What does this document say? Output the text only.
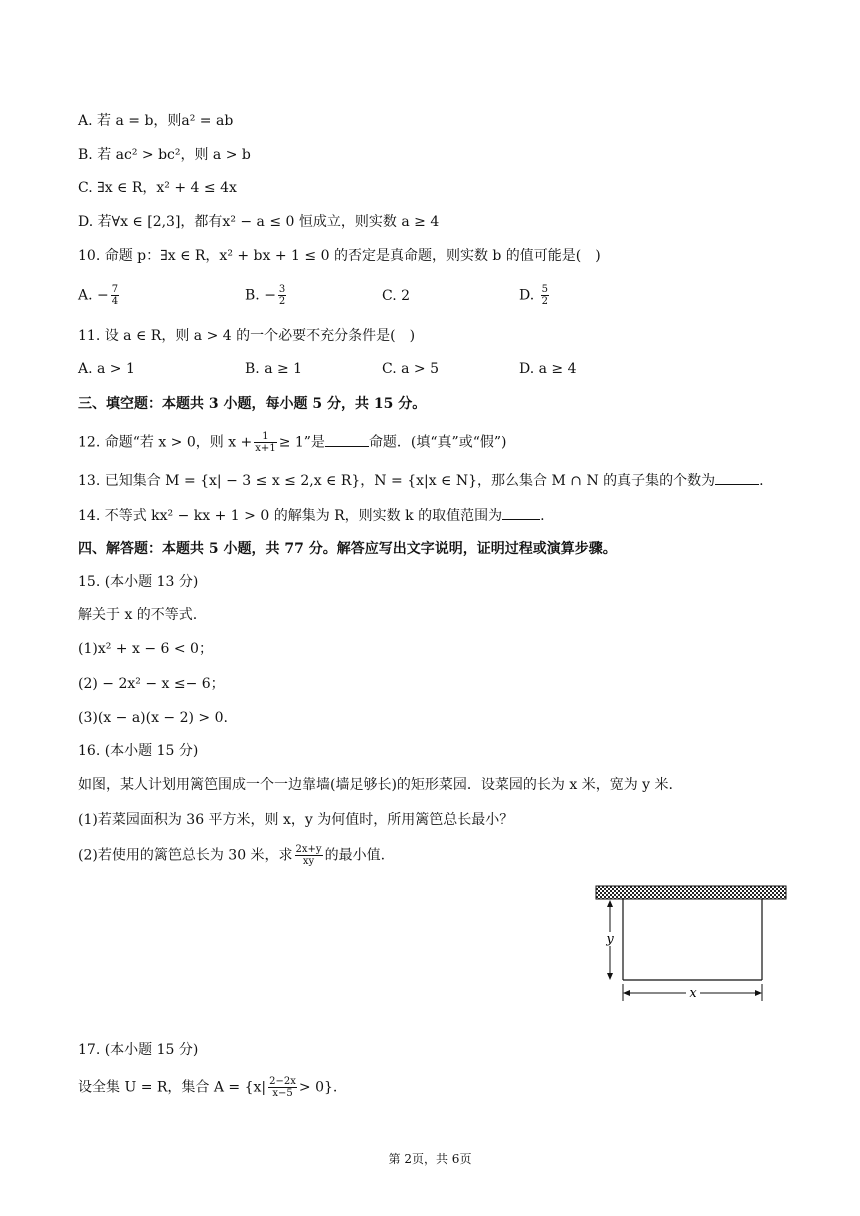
A. 若 a = b，则a² = ab
B. 若 ac² > bc²，则 a > b
C. ∃x ∈ R，x² + 4 ≤ 4x
D. 若∀x ∈ [2,3]，都有x² − a ≤ 0 恒成立，则实数 a ≥ 4
10. 命题 p：∃x ∈ R，x² + bx + 1 ≤ 0 的否定是真命题，则实数 b 的值可能是(　)
A. − $\frac{7}{4}$	B. − $\frac{3}{2}$	C. 2	D. $\frac{5}{2}$
11. 设 a ∈ R，则 a > 4 的一个必要不充分条件是(　)
A. a > 1	B. a ≥ 1	C. a > 5	D. a ≥ 4
三、填空题：本题共 3 小题，每小题 5 分，共 15 分。
12. 命题“若 x > 0，则 $x + \frac{1}{x+1} \ge 1$”是	命题．(填“真”或“假”)
13. 已知集合 M = {x| − 3 ≤ x ≤ 2,x ∈ R}，N = {x|x ∈ N}，那么集合 M ∩ N 的真子集的个数为	.
14. 不等式 kx² − kx + 1 > 0 的解集为 R，则实数 k 的取值范围为	.
四、解答题：本题共 5 小题，共 77 分。解答应写出文字说明，证明过程或演算步骤。
15. (本小题 13 分)
解关于 x 的不等式.
(1)x² + x − 6 < 0；
(2) − 2x² − x ≤− 6；
(3)(x − a)(x − 2) > 0.
16. (本小题 15 分)
如图，某人计划用篱笆围成一个一边靠墙(墙足够长)的矩形菜园．设菜园的长为 x 米，宽为 y 米.
(1)若菜园面积为 36 平方米，则 x，y 为何值时，所用篱笆总长最小？
(2)若使用的篱笆总长为 30 米，求 $\frac{2x+y}{xy}$ 的最小值.
y
x
17. (本小题 15 分)
设全集 U = R，集合 $A = \{x| \frac{2-2x}{x-5} > 0\}$.
第 2页，共 6页
